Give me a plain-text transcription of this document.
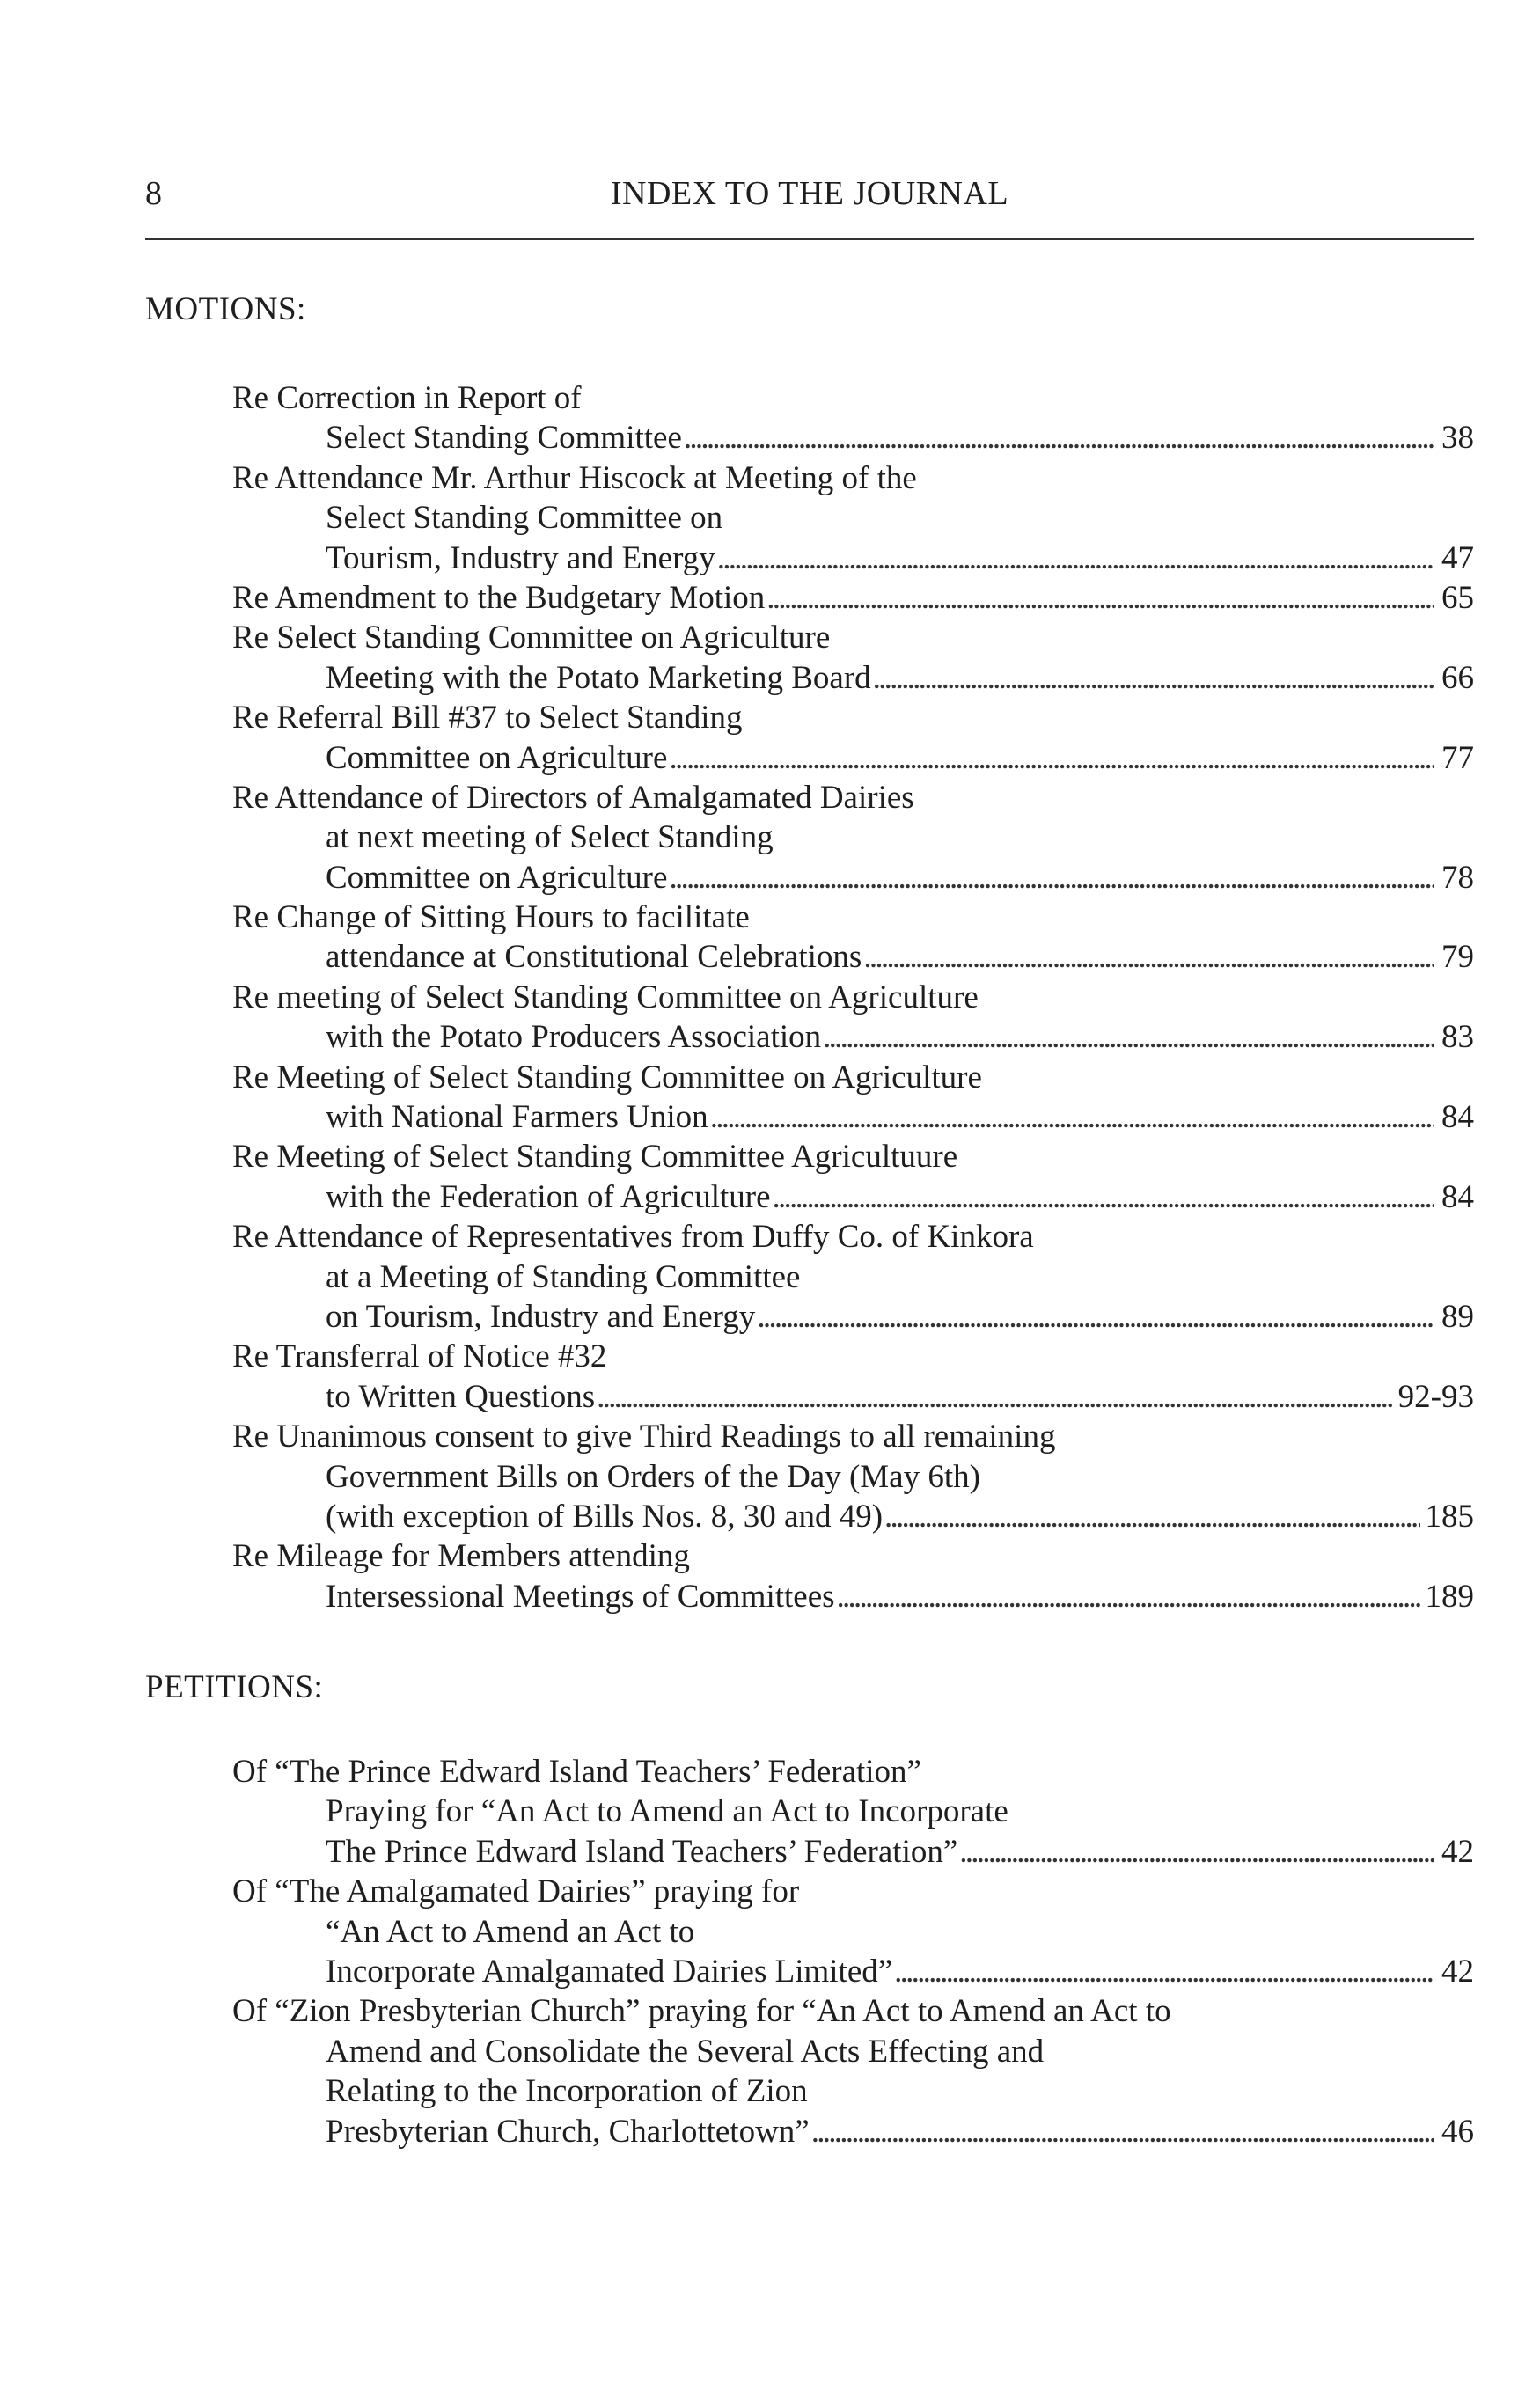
8	INDEX TO THE JOURNAL
MOTIONS:
Re Correction in Report of
Select Standing Committee . . .	38
Re Attendance Mr. Arthur Hiscock at Meeting of the
Select Standing Committee on
Tourism, Industry and Energy . . .	47
Re Amendment to the Budgetary Motion . . .	65
Re Select Standing Committee on Agriculture
Meeting with the Potato Marketing Board . . .	66
Re Referral Bill #37 to Select Standing
Committee on Agriculture . . .	77
Re Attendance of Directors of Amalgamated Dairies
at next meeting of Select Standing
Committee on Agriculture . . .	78
Re Change of Sitting Hours to facilitate
attendance at Constitutional Celebrations . . .	79
Re meeting of Select Standing Committee on Agriculture
with the Potato Producers Association . . .	83
Re Meeting of Select Standing Committee on Agriculture
with National Farmers Union . . .	84
Re Meeting of Select Standing Committee Agricultuure
with the Federation of Agriculture . . .	84
Re Attendance of Representatives from Duffy Co. of Kinkora
at a Meeting of Standing Committee
on Tourism, Industry and Energy . . .	89
Re Transferral of Notice #32
to Written Questions . . .	92-93
Re Unanimous consent to give Third Readings to all remaining
Government Bills on Orders of the Day (May 6th)
(with exception of Bills Nos. 8, 30 and 49) . . .	185
Re Mileage for Members attending
Intersessional Meetings of Committees . . .	189
PETITIONS:
Of “The Prince Edward Island Teachers’ Federation”
Praying for “An Act to Amend an Act to Incorporate
The Prince Edward Island Teachers’ Federation” . . .	42
Of “The Amalgamated Dairies” praying for
“An Act to Amend an Act to
Incorporate Amalgamated Dairies Limited” . . .	42
Of “Zion Presbyterian Church” praying for “An Act to Amend an Act to
Amend and Consolidate the Several Acts Effecting and
Relating to the Incorporation of Zion
Presbyterian Church, Charlottetown” . . .	46
